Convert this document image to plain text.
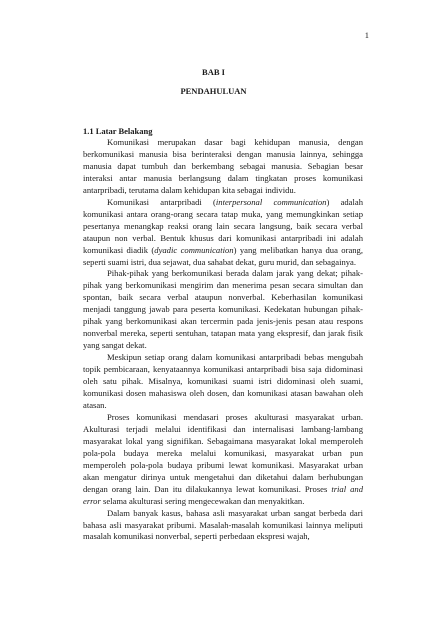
1
BAB I
PENDAHULUAN
1.1 Latar Belakang

Komunikasi merupakan dasar bagi kehidupan manusia, dengan berkomunikasi manusia bisa berinteraksi dengan manusia lainnya, sehingga manusia dapat tumbuh dan berkembang sebagai manusia. Sebagian besar interaksi antar manusia berlangsung dalam tingkatan proses komunikasi antarpribadi, terutama dalam kehidupan kita sebagai individu.

Komunikasi antarpribadi (interpersonal communication) adalah komunikasi antara orang-orang secara tatap muka, yang memungkinkan setiap pesertanya menangkap reaksi orang lain secara langsung, baik secara verbal ataupun non verbal. Bentuk khusus dari komunikasi antarpribadi ini adalah komunikasi diadik (dyadic communication) yang melibatkan hanya dua orang, seperti suami istri, dua sejawat, dua sahabat dekat, guru murid, dan sebagainya.

Pihak-pihak yang berkomunikasi berada dalam jarak yang dekat; pihak-pihak yang berkomunikasi mengirim dan menerima pesan secara simultan dan spontan, baik secara verbal ataupun nonverbal. Keberhasilan komunikasi menjadi tanggung jawab para peserta komunikasi. Kedekatan hubungan pihak-pihak yang berkomunikasi akan tercermin pada jenis-jenis pesan atau respons nonverbal mereka, seperti sentuhan, tatapan mata yang ekspresif, dan jarak fisik yang sangat dekat.

Meskipun setiap orang dalam komunikasi antarpribadi bebas mengubah topik pembicaraan, kenyataannya komunikasi antarpribadi bisa saja didominasi oleh satu pihak. Misalnya, komunikasi suami istri didominasi oleh suami, komunikasi dosen mahasiswa oleh dosen, dan komunikasi atasan bawahan oleh atasan.

Proses komunikasi mendasari proses akulturasi masyarakat urban. Akulturasi terjadi melalui identifikasi dan internalisasi lambang-lambang masyarakat lokal yang signifikan. Sebagaimana masyarakat lokal memperoleh pola-pola budaya mereka melalui komunikasi, masyarakat urban pun memperoleh pola-pola budaya pribumi lewat komunikasi. Masyarakat urban akan mengatur dirinya untuk mengetahui dan diketahui dalam berhubungan dengan orang lain. Dan itu dilakukannya lewat komunikasi. Proses trial and error selama akulturasi sering mengecewakan dan menyakitkan.

Dalam banyak kasus, bahasa asli masyarakat urban sangat berbeda dari bahasa asli masyarakat pribumi. Masalah-masalah komunikasi lainnya meliputi masalah komunikasi nonverbal, seperti perbedaan ekspresi wajah,
